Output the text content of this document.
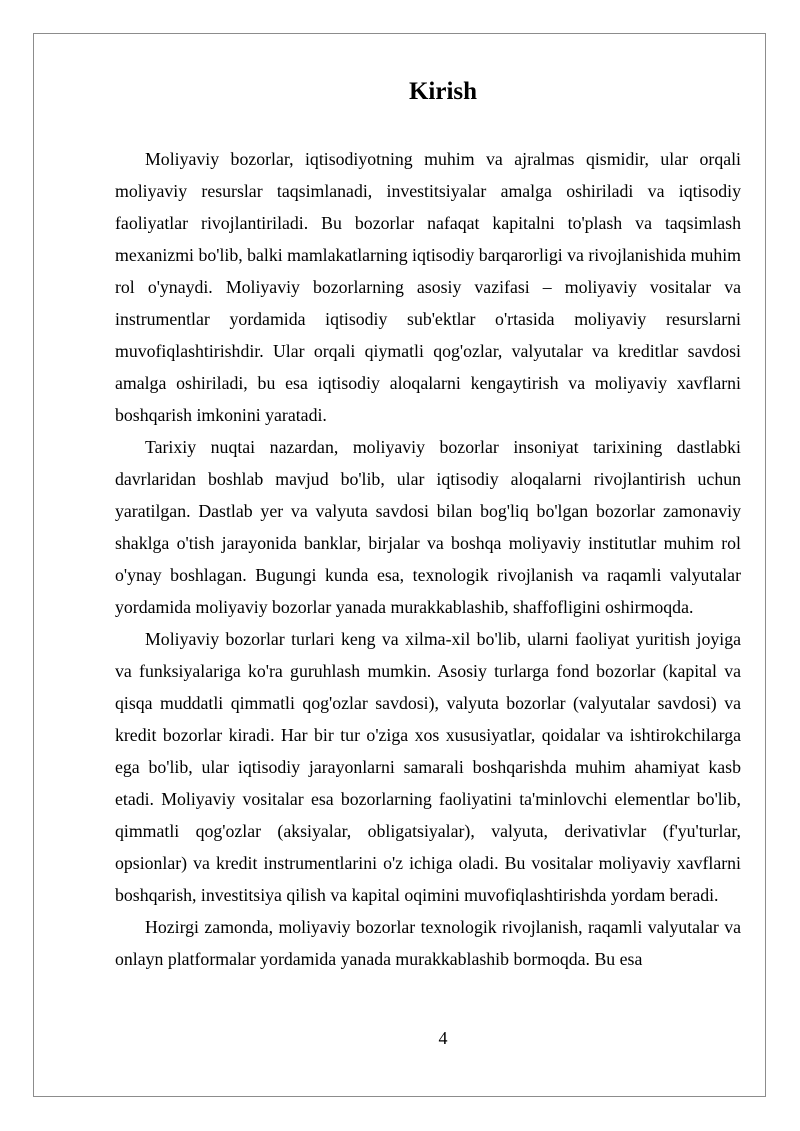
Kirish

Moliyaviy bozorlar, iqtisodiyotning muhim va ajralmas qismidir, ular orqali moliyaviy resurslar taqsimlanadi, investitsiyalar amalga oshiriladi va iqtisodiy faoliyatlar rivojlantiriladi. Bu bozorlar nafaqat kapitalni to'plash va taqsimlash mexanizmi bo'lib, balki mamlakatlarning iqtisodiy barqarorligi va rivojlanishida muhim rol o'ynaydi. Moliyaviy bozorlarning asosiy vazifasi – moliyaviy vositalar va instrumentlar yordamida iqtisodiy sub'ektlar o'rtasida moliyaviy resurslarni muvofiqlashtirishdir. Ular orqali qiymatli qog'ozlar, valyutalar va kreditlar savdosi amalga oshiriladi, bu esa iqtisodiy aloqalarni kengaytirish va moliyaviy xavflarni boshqarish imkonini yaratadi.

Tarixiy nuqtai nazardan, moliyaviy bozorlar insoniyat tarixining dastlabki davrlaridan boshlab mavjud bo'lib, ular iqtisodiy aloqalarni rivojlantirish uchun yaratilgan. Dastlab yer va valyuta savdosi bilan bog'liq bo'lgan bozorlar zamonaviy shaklga o'tish jarayonida banklar, birjalar va boshqa moliyaviy institutlar muhim rol o'ynay boshlagan. Bugungi kunda esa, texnologik rivojlanish va raqamli valyutalar yordamida moliyaviy bozorlar yanada murakkablashib, shaffofligini oshirmoqda.

Moliyaviy bozorlar turlari keng va xilma-xil bo'lib, ularni faoliyat yuritish joyiga va funksiyalariga ko'ra guruhlash mumkin. Asosiy turlarga fond bozorlar (kapital va qisqa muddatli qimmatli qog'ozlar savdosi), valyuta bozorlar (valyutalar savdosi) va kredit bozorlar kiradi. Har bir tur o'ziga xos xususiyatlar, qoidalar va ishtirokchilarga ega bo'lib, ular iqtisodiy jarayonlarni samarali boshqarishda muhim ahamiyat kasb etadi. Moliyaviy vositalar esa bozorlarning faoliyatini ta'minlovchi elementlar bo'lib, qimmatli qog'ozlar (aksiyalar, obligatsiyalar), valyuta, derivativlar (f'yu'turlar, opsionlar) va kredit instrumentlarini o'z ichiga oladi. Bu vositalar moliyaviy xavflarni boshqarish, investitsiya qilish va kapital oqimini muvofiqlashtirishda yordam beradi.

Hozirgi zamonda, moliyaviy bozorlar texnologik rivojlanish, raqamli valyutalar va onlayn platformalar yordamida yanada murakkablashib bormoqda. Bu esa

4
